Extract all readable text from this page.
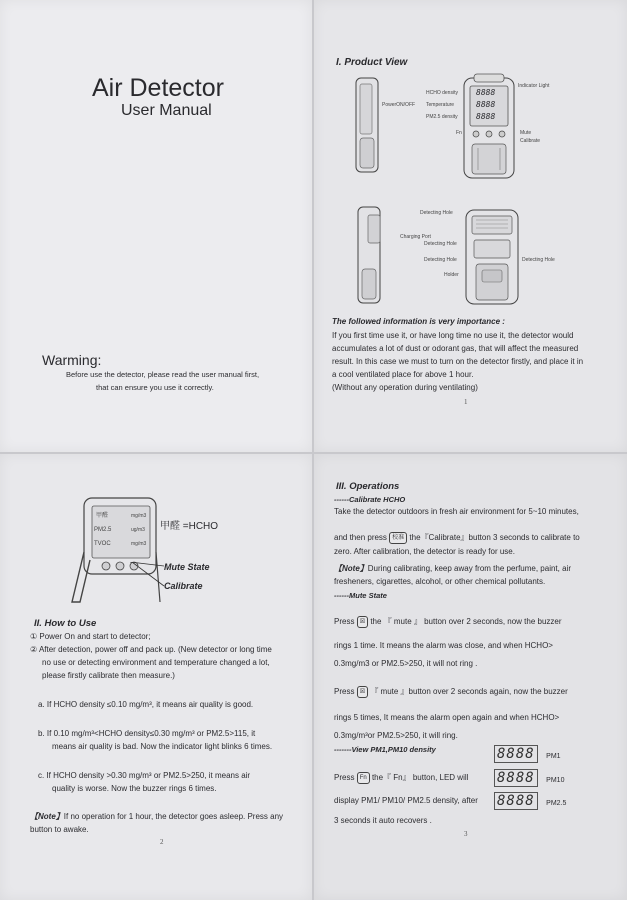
Air Detector
User Manual
Warming:
Before use the detector, please read the user manual first,
that can ensure you use it correctly.
I. Product View
PowerON/OFF
8888
8888
8888
HCHO density
Temperature
PM2.5 density
Indicator Light
Fn	Mute
Calibrate
Charging Port
Detecting Hole
Detecting Hole
Detecting Hole
Holder
Detecting Hole
The followed information is very importance :
If you first time use it, or have long time no use it, the detector would
accumulates a lot of dust or odorant gas, that will affect the measured
result. In this case we must to turn on the detector firstly, and place it in
a cool ventilated place for above 1 hour.
(Without any operation during ventilating)
1
甲醛
PM2.5
TVOC
mg/m3
ug/m3
mg/m3
甲醛 =HCHO
Mute State
Calibrate
II. How to Use
① Power On and start to detector;
② After detection, power off and pack up. (New detector or long time
no use or detecting environment and temperature changed a lot,
please firstly calibrate then measure.)
a. If HCHO density ≤0.10 mg/m³, it means air quality is good.
b. If 0.10 mg/m³<HCHO density≤0.30 mg/m³ or PM2.5>115, it
means air quality is bad. Now the indicator light blinks 6 times.
c. If HCHO density >0.30 mg/m³ or PM2.5>250, it means air
quality is worse. Now the buzzer rings 6 times.
【Note】If no operation for 1 hour, the detector goes asleep. Press any
button to awake.
2
III. Operations
------Calibrate HCHO
Take the detector outdoors in fresh air environment for 5~10 minutes,
and then press 校准 the『Calibrate』button 3 seconds to calibrate to
zero. After calibration, the detector is ready for use.
【Note】During calibrating, keep away from the perfume, paint, air
fresheners, cigarettes, alcohol, or other chemical pollutants.
------Mute State
Press ☒ the 『 mute 』 button over 2 seconds, now the buzzer
rings 1 time. It means the alarm was close, and when HCHO>
0.3mg/m3 or PM2.5>250, it will not ring .
Press ☒ 『 mute 』button over 2 seconds again, now the buzzer
rings 5 times, It means the alarm open again and when HCHO>
0.3mg/m³or PM2.5>250, it will ring.
-------View PM1,PM10 density
Press Fn the『 Fn』 button, LED will
display PM1/ PM10/ PM2.5 density, after
3 seconds it auto recovers .
8888 PM1
8888 PM10
8888 PM2.5
3
